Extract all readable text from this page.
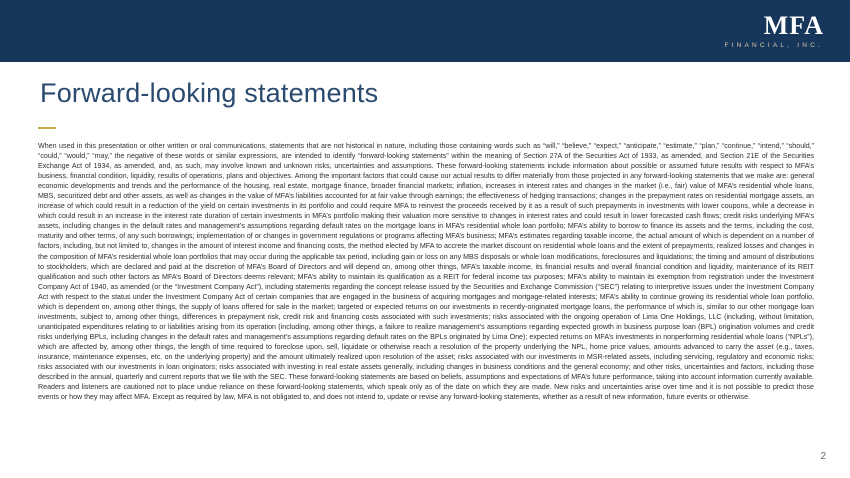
MFA
FINANCIAL, INC.
Forward-looking statements
When used in this presentation or other written or oral communications, statements that are not historical in nature, including those containing words such as “will,” “believe,” “expect,” “anticipate,” “estimate,” “plan,” “continue,” “intend,” “should,” “could,” “would,” “may,” the negative of these words or similar expressions, are intended to identify “forward-looking statements” within the meaning of Section 27A of the Securities Act of 1933, as amended, and Section 21E of the Securities Exchange Act of 1934, as amended, and, as such, may involve known and unknown risks, uncertainties and assumptions. These forward-looking statements include information about possible or assumed future results with respect to MFA’s business, financial condition, liquidity, results of operations, plans and objectives. Among the important factors that could cause our actual results to differ materially from those projected in any forward-looking statements that we make are: general economic developments and trends and the performance of the housing, real estate, mortgage finance, broader financial markets; inflation, increases in interest rates and changes in the market (i.e., fair) value of MFA’s residential whole loans, MBS, securitized debt and other assets, as well as changes in the value of MFA’s liabilities accounted for at fair value through earnings; the effectiveness of hedging transactions; changes in the prepayment rates on residential mortgage assets, an increase of which could result in a reduction of the yield on certain investments in its portfolio and could require MFA to reinvest the proceeds received by it as a result of such prepayments in investments with lower coupons, while a decrease in which could result in an increase in the interest rate duration of certain investments in MFA’s portfolio making their valuation more sensitive to changes in interest rates and could result in lower forecasted cash flows; credit risks underlying MFA’s assets, including changes in the default rates and management’s assumptions regarding default rates on the mortgage loans in MFA’s residential whole loan portfolio; MFA’s ability to borrow to finance its assets and the terms, including the cost, maturity and other terms, of any such borrowings; implementation of or changes in government regulations or programs affecting MFA’s business; MFA’s estimates regarding taxable income, the actual amount of which is dependent on a number of factors, including, but not limited to, changes in the amount of interest income and financing costs, the method elected by MFA to accrete the market discount on residential whole loans and the extent of prepayments, realized losses and changes in the composition of MFA’s residential whole loan portfolios that may occur during the applicable tax period, including gain or loss on any MBS disposals or whole loan modifications, foreclosures and liquidations; the timing and amount of distributions to stockholders, which are declared and paid at the discretion of MFA’s Board of Directors and will depend on, among other things, MFA’s taxable income, its financial results and overall financial condition and liquidity, maintenance of its REIT qualification and such other factors as MFA’s Board of Directors deems relevant; MFA’s ability to maintain its qualification as a REIT for federal income tax purposes; MFA’s ability to maintain its exemption from registration under the Investment Company Act of 1940, as amended (or the “Investment Company Act”), including statements regarding the concept release issued by the Securities and Exchange Commission (“SEC”) relating to interpretive issues under the Investment Company Act with respect to the status under the Investment Company Act of certain companies that are engaged in the business of acquiring mortgages and mortgage-related interests; MFA’s ability to continue growing its residential whole loan portfolio, which is dependent on, among other things, the supply of loans offered for sale in the market; targeted or expected returns on our investments in recently-originated mortgage loans, the performance of which is, similar to our other mortgage loan investments, subject to, among other things, differences in prepayment risk, credit risk and financing costs associated with such investments; risks associated with the ongoing operation of Lima One Holdings, LLC (including, without limitation, unanticipated expenditures relating to or liabilities arising from its operation (including, among other things, a failure to realize management’s assumptions regarding expected growth in business purpose loan (BPL) origination volumes and credit risks underlying BPLs, including changes in the default rates and management’s assumptions regarding default rates on the BPLs originated by Lima One); expected returns on MFA’s investments in nonperforming residential whole loans (“NPLs”), which are affected by, among other things, the length of time required to foreclose upon, sell, liquidate or otherwise reach a resolution of the property underlying the NPL, home price values, amounts advanced to carry the asset (e.g., taxes, insurance, maintenance expenses, etc. on the underlying property) and the amount ultimately realized upon resolution of the asset; risks associated with our investments in MSR-related assets, including servicing, regulatory and economic risks; risks associated with our investments in loan originators; risks associated with investing in real estate assets generally, including changes in business conditions and the general economy; and other risks, uncertainties and factors, including those described in the annual, quarterly and current reports that we file with the SEC. These forward-looking statements are based on beliefs, assumptions and expectations of MFA’s future performance, taking into account information currently available. Readers and listeners are cautioned not to place undue reliance on these forward-looking statements, which speak only as of the date on which they are made. New risks and uncertainties arise over time and it is not possible to predict those events or how they may affect MFA. Except as required by law, MFA is not obligated to, and does not intend to, update or revise any forward-looking statements, whether as a result of new information, future events or otherwise.
2
